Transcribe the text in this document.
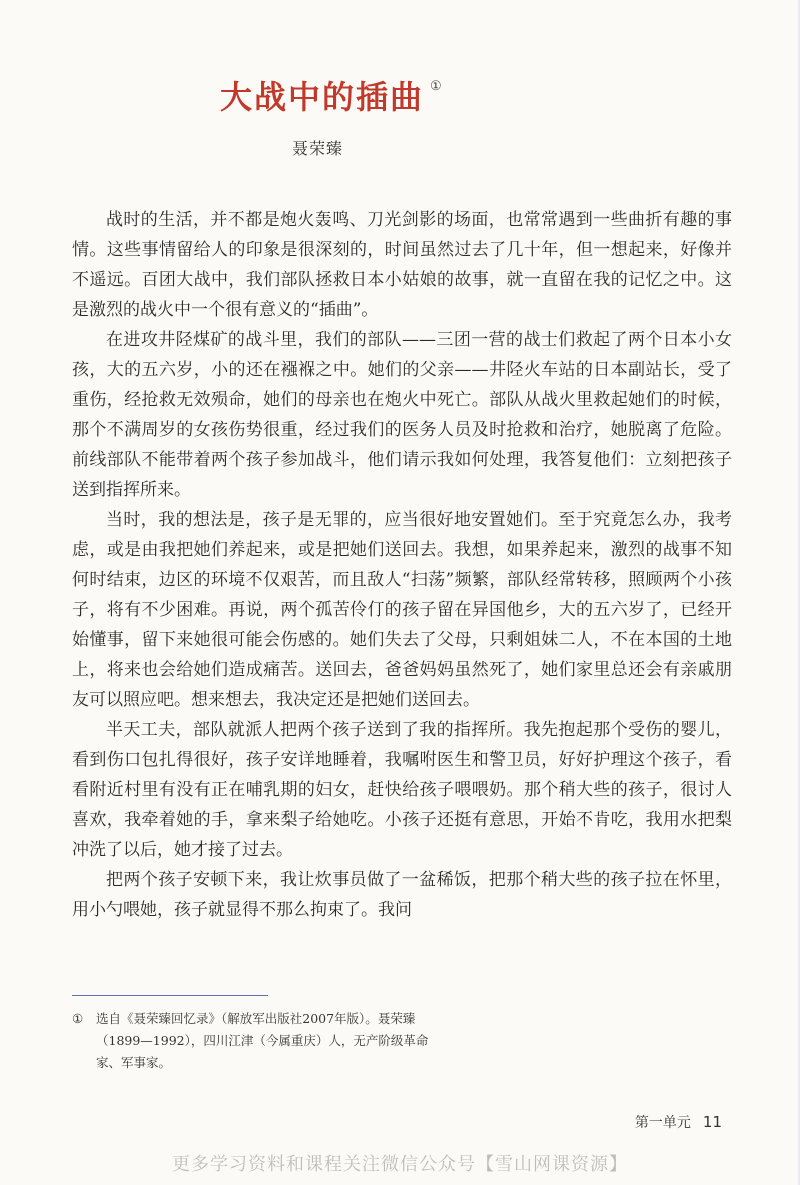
大战中的插曲 ①
聂荣臻

战时的生活，并不都是炮火轰鸣、刀光剑影的场面，也常常遇到一些曲折有趣的事情。这些事情留给人的印象是很深刻的，时间虽然过去了几十年，但一想起来，好像并不遥远。百团大战中，我们部队拯救日本小姑娘的故事，就一直留在我的记忆之中。这是激烈的战火中一个很有意义的“插曲”。

在进攻井陉煤矿的战斗里，我们的部队——三团一营的战士们救起了两个日本小女孩，大的五六岁，小的还在襁褓之中。她们的父亲——井陉火车站的日本副站长，受了重伤，经抢救无效殒命，她们的母亲也在炮火中死亡。部队从战火里救起她们的时候，那个不满周岁的女孩伤势很重，经过我们的医务人员及时抢救和治疗，她脱离了危险。前线部队不能带着两个孩子参加战斗，他们请示我如何处理，我答复他们：立刻把孩子送到指挥所来。

当时，我的想法是，孩子是无罪的，应当很好地安置她们。至于究竟怎么办，我考虑，或是由我把她们养起来，或是把她们送回去。我想，如果养起来，激烈的战事不知何时结束，边区的环境不仅艰苦，而且敌人“扫荡”频繁，部队经常转移，照顾两个小孩子，将有不少困难。再说，两个孤苦伶仃的孩子留在异国他乡，大的五六岁了，已经开始懂事，留下来她很可能会伤感的。她们失去了父母，只剩姐妹二人，不在本国的土地上，将来也会给她们造成痛苦。送回去，爸爸妈妈虽然死了，她们家里总还会有亲戚朋友可以照应吧。想来想去，我决定还是把她们送回去。

半天工夫，部队就派人把两个孩子送到了我的指挥所。我先抱起那个受伤的婴儿，看到伤口包扎得很好，孩子安详地睡着，我嘱咐医生和警卫员，好好护理这个孩子，看看附近村里有没有正在哺乳期的妇女，赶快给孩子喂喂奶。那个稍大些的孩子，很讨人喜欢，我牵着她的手，拿来梨子给她吃。小孩子还挺有意思，开始不肯吃，我用水把梨冲洗了以后，她才接了过去。

把两个孩子安顿下来，我让炊事员做了一盆稀饭，把那个稍大些的孩子拉在怀里，用小勺喂她，孩子就显得不那么拘束了。我问

①	选自《聂荣臻回忆录》（解放军出版社2007年版）。聂荣臻（1899—1992），四川江津（今属重庆）人，无产阶级革命家、军事家。
第一单元 11
更多学习资料和课程关注微信公众号【雪山网课资源】
